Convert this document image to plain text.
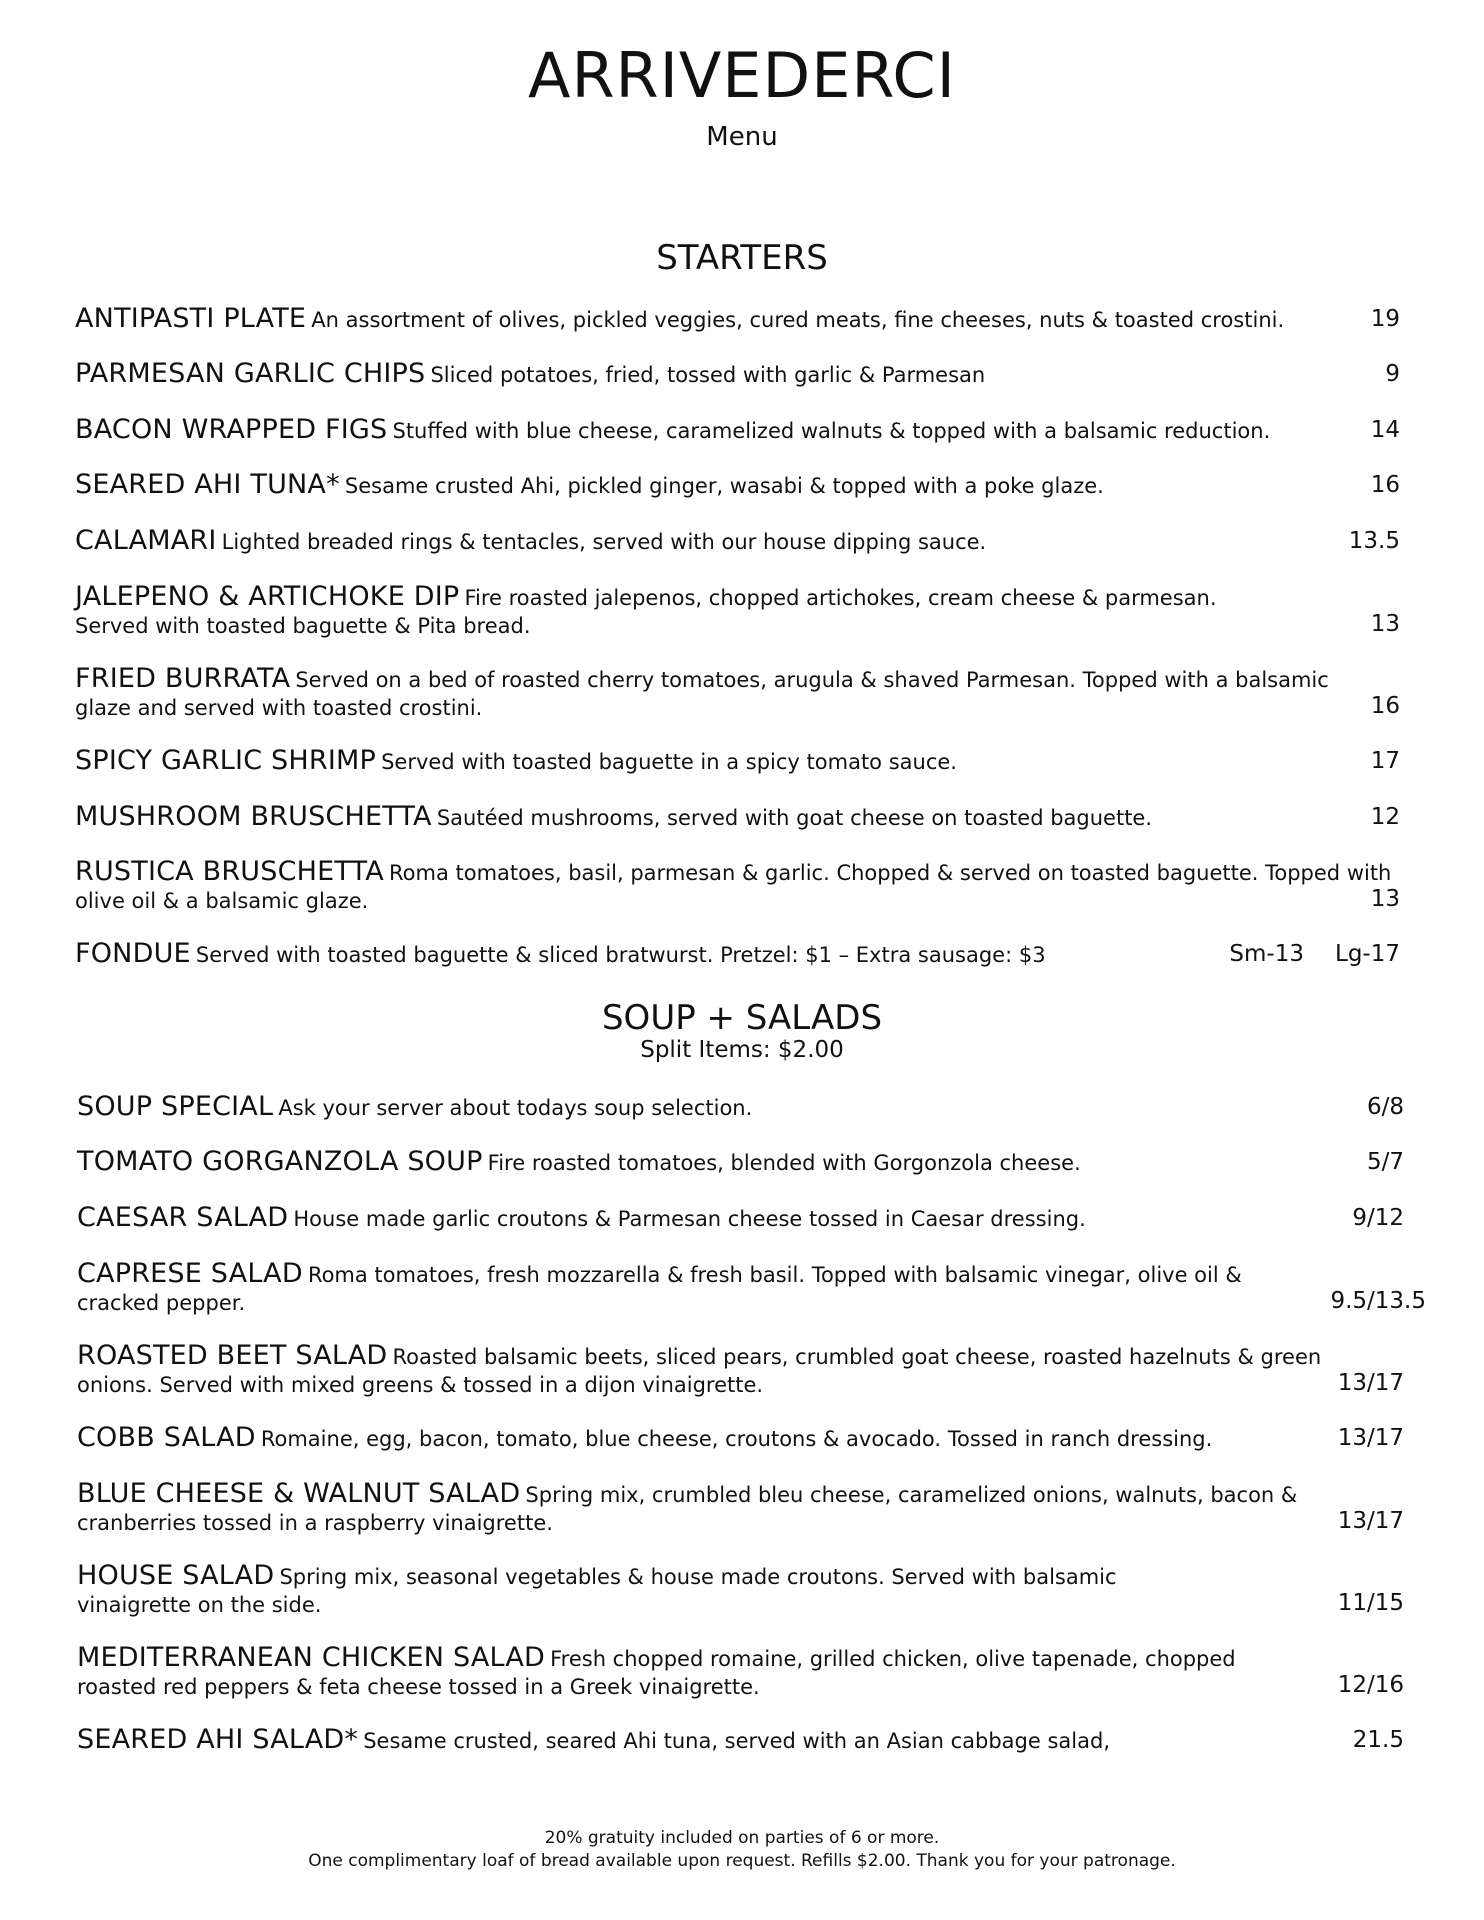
ARRIVEDERCI
Menu
STARTERS
ANTIPASTI PLATE An assortment of olives, pickled veggies, cured meats, fine cheeses, nuts & toasted crostini.	19
PARMESAN GARLIC CHIPS Sliced potatoes, fried, tossed with garlic & Parmesan	9
BACON WRAPPED FIGS Stuffed with blue cheese, caramelized walnuts & topped with a balsamic reduction.	14
SEARED AHI TUNA* Sesame crusted Ahi, pickled ginger, wasabi & topped with a poke glaze.	16
CALAMARI Lighted breaded rings & tentacles, served with our house dipping sauce.	13.5
JALEPENO & ARTICHOKE DIP Fire roasted jalepenos, chopped artichokes, cream cheese & parmesan. Served with toasted baguette & Pita bread.	13
FRIED BURRATA Served on a bed of roasted cherry tomatoes, arugula & shaved Parmesan. Topped with a balsamic glaze and served with toasted crostini.	16
SPICY GARLIC SHRIMP Served with toasted baguette in a spicy tomato sauce.	17
MUSHROOM BRUSCHETTA Sautéed mushrooms, served with goat cheese on toasted baguette.	12
RUSTICA BRUSCHETTA Roma tomatoes, basil, parmesan & garlic. Chopped & served on toasted baguette. Topped with olive oil & a balsamic glaze.	13
FONDUE Served with toasted baguette & sliced bratwurst. Pretzel: $1 – Extra sausage: $3	Sm-13 Lg-17
SOUP + SALADS
Split Items: $2.00
SOUP SPECIAL Ask your server about todays soup selection.	6/8
TOMATO GORGANZOLA SOUP Fire roasted tomatoes, blended with Gorgonzola cheese.	5/7
CAESAR SALAD House made garlic croutons & Parmesan cheese tossed in Caesar dressing.	9/12
CAPRESE SALAD Roma tomatoes, fresh mozzarella & fresh basil. Topped with balsamic vinegar, olive oil & cracked pepper.	9.5/13.5
ROASTED BEET SALAD Roasted balsamic beets, sliced pears, crumbled goat cheese, roasted hazelnuts & green onions. Served with mixed greens & tossed in a dijon vinaigrette.	13/17
COBB SALAD Romaine, egg, bacon, tomato, blue cheese, croutons & avocado. Tossed in ranch dressing.	13/17
BLUE CHEESE & WALNUT SALAD Spring mix, crumbled bleu cheese, caramelized onions, walnuts, bacon & cranberries tossed in a raspberry vinaigrette.	13/17
HOUSE SALAD Spring mix, seasonal vegetables & house made croutons. Served with balsamic vinaigrette on the side.	11/15
MEDITERRANEAN CHICKEN SALAD Fresh chopped romaine, grilled chicken, olive tapenade, chopped roasted red peppers & feta cheese tossed in a Greek vinaigrette.	12/16
SEARED AHI SALAD* Sesame crusted, seared Ahi tuna, served with an Asian cabbage salad,	21.5
20% gratuity included on parties of 6 or more.
One complimentary loaf of bread available upon request. Refills $2.00. Thank you for your patronage.
